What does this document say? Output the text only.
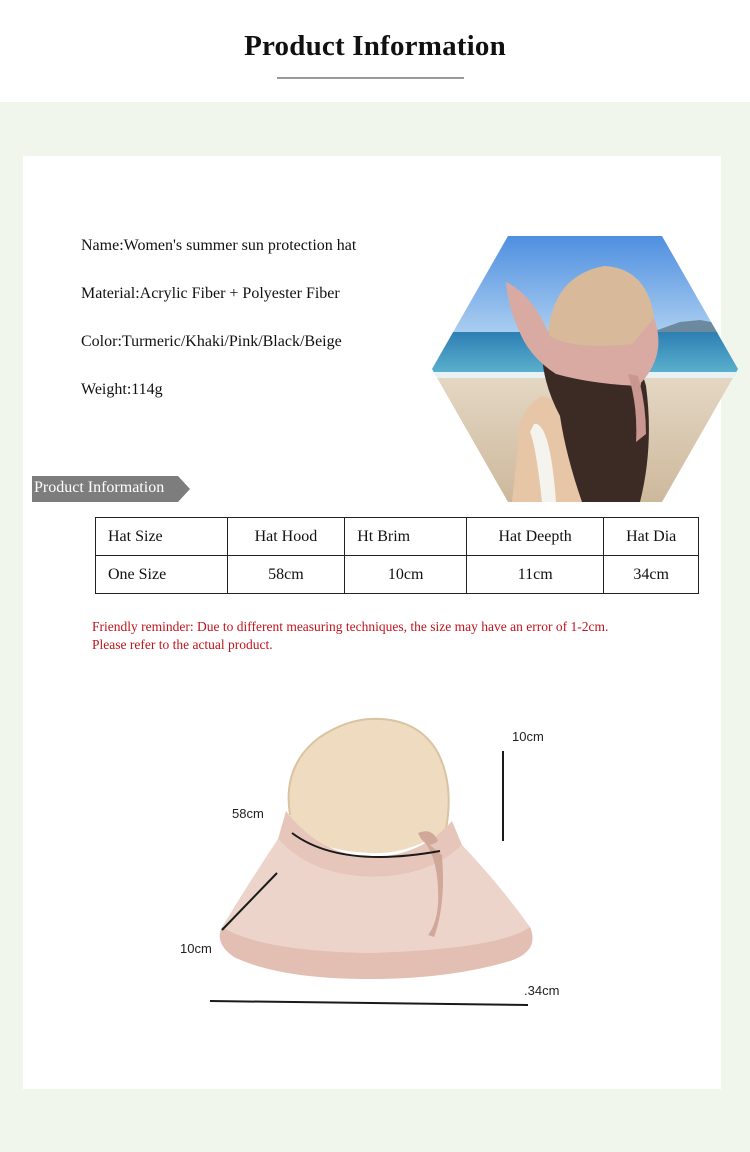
Product Information
Name:Women's summer sun protection hat
Material:Acrylic Fiber + Polyester Fiber
Color:Turmeric/Khaki/Pink/Black/Beige
Weight:114g
Product Information
Hat Size	Hat Hood	Ht Brim	Hat Deepth	Hat Dia
One Size	58cm	10cm	11cm	34cm
Friendly reminder: Due to different measuring techniques, the size may have an error of 1-2cm.
Please refer to the actual product.
10cm
58cm
10cm
.34cm
